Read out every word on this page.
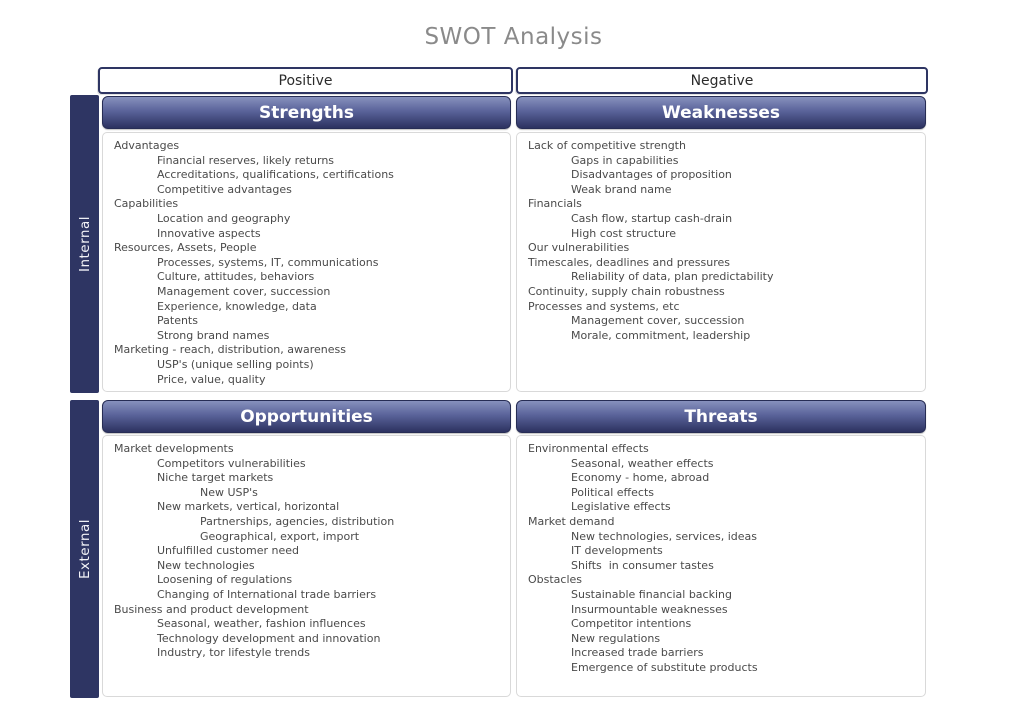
SWOT Analysis
Positive	Negative
Internal
External
Strengths	Weaknesses
Advantages
Financial reserves, likely returns
Accreditations, qualifications, certifications
Competitive advantages
Capabilities
Location and geography
Innovative aspects
Resources, Assets, People
Processes, systems, IT, communications
Culture, attitudes, behaviors
Management cover, succession
Experience, knowledge, data
Patents
Strong brand names
Marketing - reach, distribution, awareness
USP's (unique selling points)
Price, value, quality
Lack of competitive strength
Gaps in capabilities
Disadvantages of proposition
Weak brand name
Financials
Cash flow, startup cash-drain
High cost structure
Our vulnerabilities
Timescales, deadlines and pressures
Reliability of data, plan predictability
Continuity, supply chain robustness
Processes and systems, etc
Management cover, succession
Morale, commitment, leadership
Opportunities	Threats
Market developments
Competitors vulnerabilities
Niche target markets
New USP's
New markets, vertical, horizontal
Partnerships, agencies, distribution
Geographical, export, import
Unfulfilled customer need
New technologies
Loosening of regulations
Changing of International trade barriers
Business and product development
Seasonal, weather, fashion influences
Technology development and innovation
Industry, tor lifestyle trends
Environmental effects
Seasonal, weather effects
Economy - home, abroad
Political effects
Legislative effects
Market demand
New technologies, services, ideas
IT developments
Shifts  in consumer tastes
Obstacles
Sustainable financial backing
Insurmountable weaknesses
Competitor intentions
New regulations
Increased trade barriers
Emergence of substitute products
